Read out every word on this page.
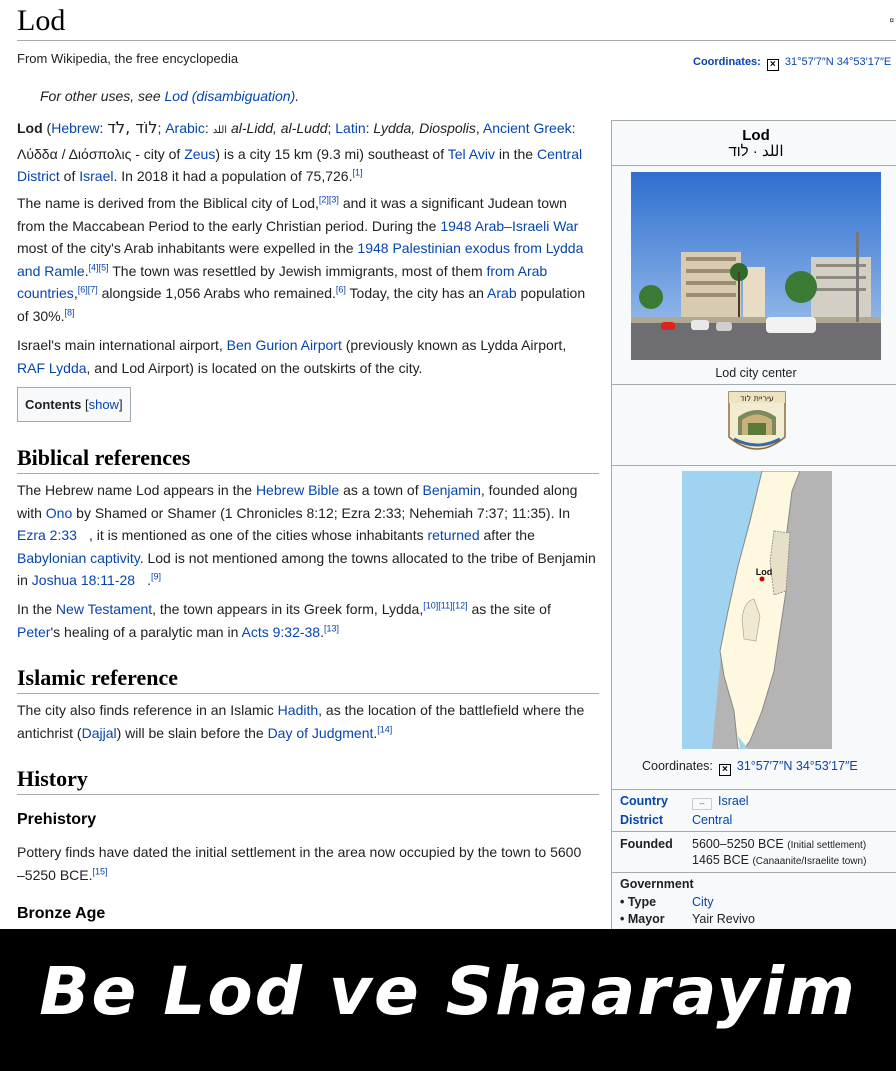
Lod	¤
From Wikipedia, the free encyclopedia	Coordinates: × 31°57′7″N 34°53′17″E
For other uses, see Lod (disambiguation).

Lod (Hebrew: לוֹד ,לֹד; Arabic: اللد al-Lidd, al-Ludd; Latin: Lydda, Diospolis, Ancient Greek:
Λύδδα / Διόσπολις - city of Zeus) is a city 15 km (9.3 mi) southeast of Tel Aviv in the Central
District of Israel. In 2018 it had a population of 75,726.[1]

The name is derived from the Biblical city of Lod,[2][3] and it was a significant Judean town
from the Maccabean Period to the early Christian period. During the 1948 Arab–Israeli War
most of the city's Arab inhabitants were expelled in the 1948 Palestinian exodus from Lydda
and Ramle.[4][5] The town was resettled by Jewish immigrants, most of them from Arab
countries,[6][7] alongside 1,056 Arabs who remained.[6] Today, the city has an Arab population
of 30%.[8]

Israel's main international airport, Ben Gurion Airport (previously known as Lydda Airport,
RAF Lydda, and Lod Airport) is located on the outskirts of the city.

Contents [show]
Biblical references

The Hebrew name Lod appears in the Hebrew Bible as a town of Benjamin, founded along
with Ono by Shamed or Shamer (1 Chronicles 8:12; Ezra 2:33; Nehemiah 7:37; 11:35). In
Ezra 2:33 , it is mentioned as one of the cities whose inhabitants returned after the
Babylonian captivity. Lod is not mentioned among the towns allocated to the tribe of Benjamin
in Joshua 18:11-28 .[9]

In the New Testament, the town appears in its Greek form, Lydda,[10][11][12] as the site of
Peter's healing of a paralytic man in Acts 9:32-38.[13]

Islamic reference

The city also finds reference in an Islamic Hadith, as the location of the battlefield where the
antichrist (Dajjal) will be slain before the Day of Judgment.[14]

History
Prehistory

Pottery finds have dated the initial settlement in the area now occupied by the town to 5600
–5250 BCE.[15]

Bronze Age
Lod
اللد · לוד
Lod city center
עיריית לוד
Lod
Coordinates: × 31°57′7″N 34°53′17″E
Country	-- Israel
District Central
Founded 5600–5250 BCE (Initial settlement)
1465 BCE (Canaanite/Israelite town)
Government
• Type	City
• Mayor Yair Revivo
Be Lod ve Shaarayim
